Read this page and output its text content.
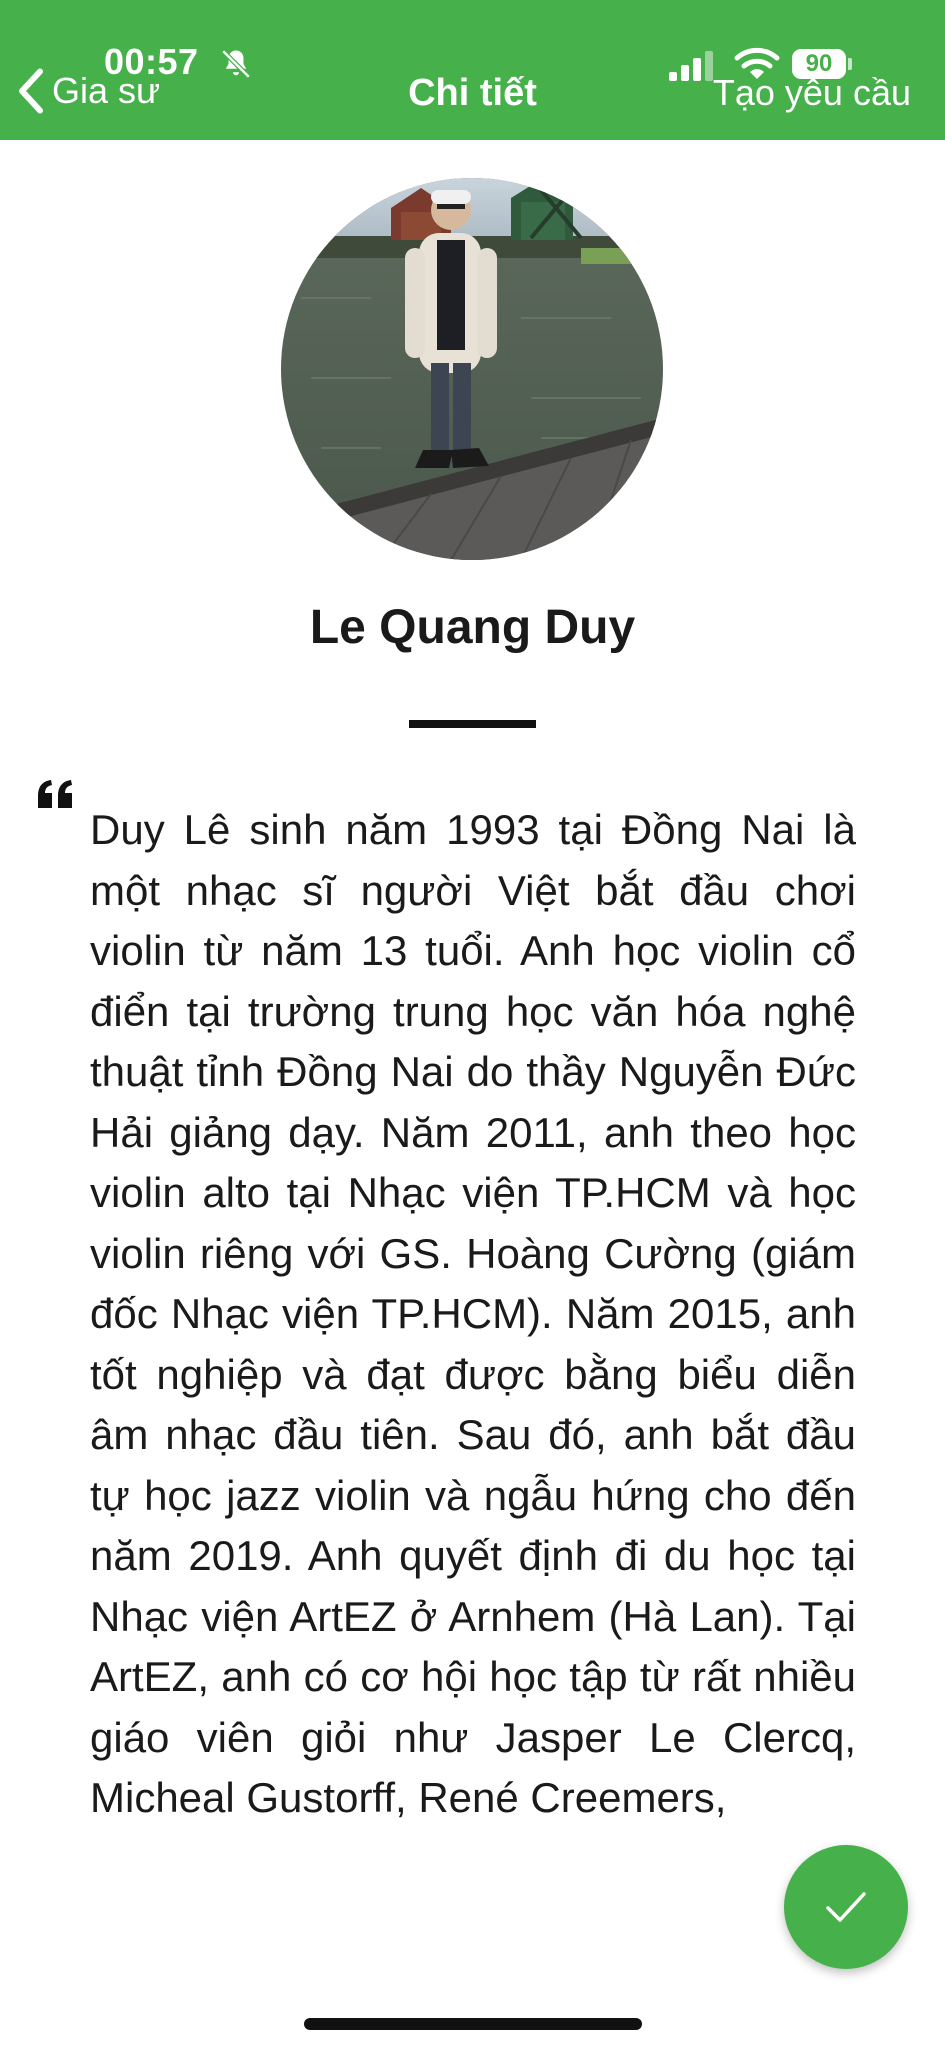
00:57
Gia sư	Chi tiết
90
Tạo yêu cầu
Le Quang Duy

Duy Lê sinh năm 1993 tại Đồng Nai là một nhạc sĩ người Việt bắt đầu chơi violin từ năm 13 tuổi. Anh học violin cổ điển tại trường trung học văn hóa nghệ thuật tỉnh Đồng Nai do thầy Nguyễn Đức Hải giảng dạy. Năm 2011, anh theo học violin alto tại Nhạc viện TP.HCM và học violin riêng với GS. Hoàng Cường (giám đốc Nhạc viện TP.HCM). Năm 2015, anh tốt nghiệp và đạt được bằng biểu diễn âm nhạc đầu tiên. Sau đó, anh bắt đầu tự học jazz violin và ngẫu hứng cho đến năm 2019. Anh quyết định đi du học tại Nhạc viện ArtEZ ở Arnhem (Hà Lan). Tại ArtEZ, anh có cơ hội học tập từ rất nhiều giáo viên giỏi như Jasper Le Clercq, Micheal Gustorff, René Creemers,
